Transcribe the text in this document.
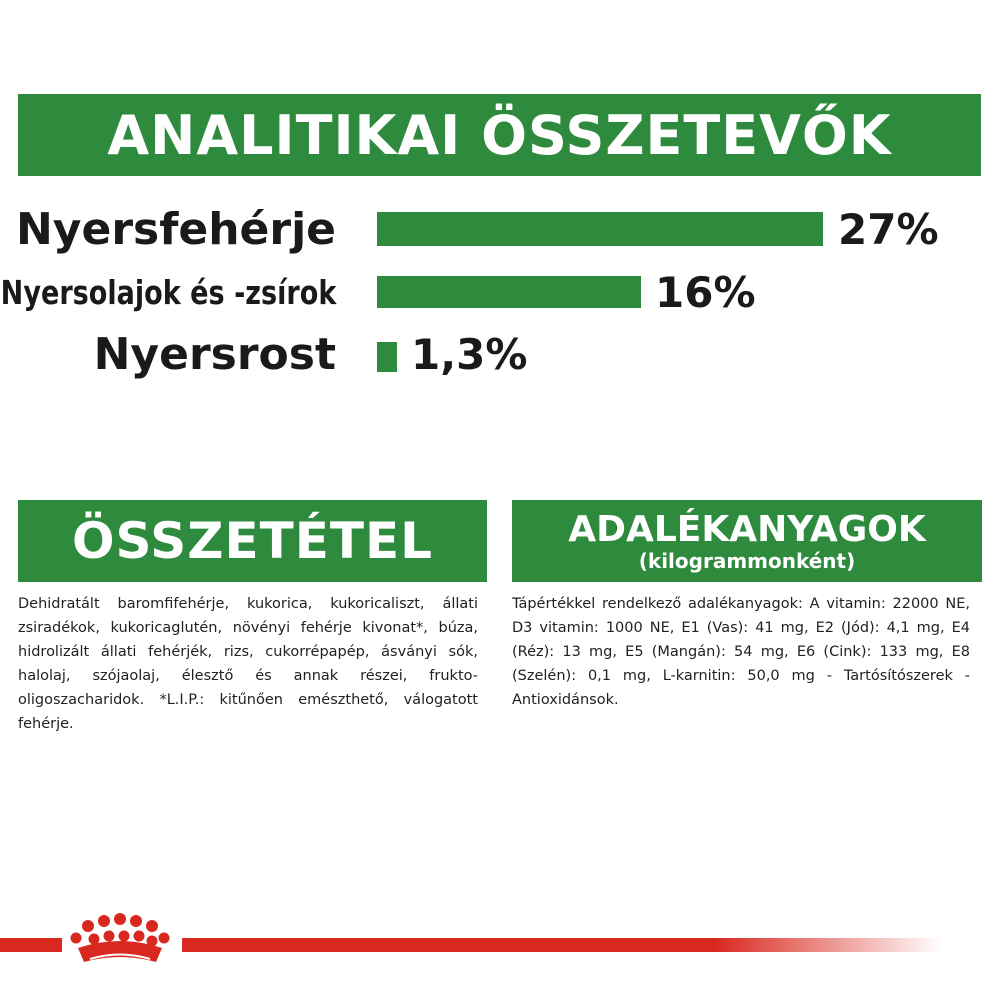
ANALITIKAI ÖSSZETEVŐK
Nyersfehérje	27%
Nyersolajok és -zsírok	16%
Nyersrost 1,3%
ÖSSZETÉTEL

Dehidratált baromfifehérje, kukorica, kukoricaliszt, állati zsiradékok, kukoricaglutén, növényi fehérje kivonat*, búza, hidrolizált állati fehérjék, rizs, cukorrépapép, ásványi sók, halolaj, szójaolaj, élesztő és annak részei, frukto-oligoszacharidok. *L.I.P.: kitűnően emészthető, válogatott fehérje.

ADALÉKANYAGOK
(kilogrammonként)

Tápértékkel rendelkező adalékanyagok: A vitamin: 22000 NE, D3 vitamin: 1000 NE, E1 (Vas): 41 mg, E2 (Jód): 4,1 mg, E4 (Réz): 13 mg, E5 (Mangán): 54 mg, E6 (Cink): 133 mg, E8 (Szelén): 0,1 mg, L-karnitin: 50,0 mg - Tartósítószerek - Antioxidánsok.
